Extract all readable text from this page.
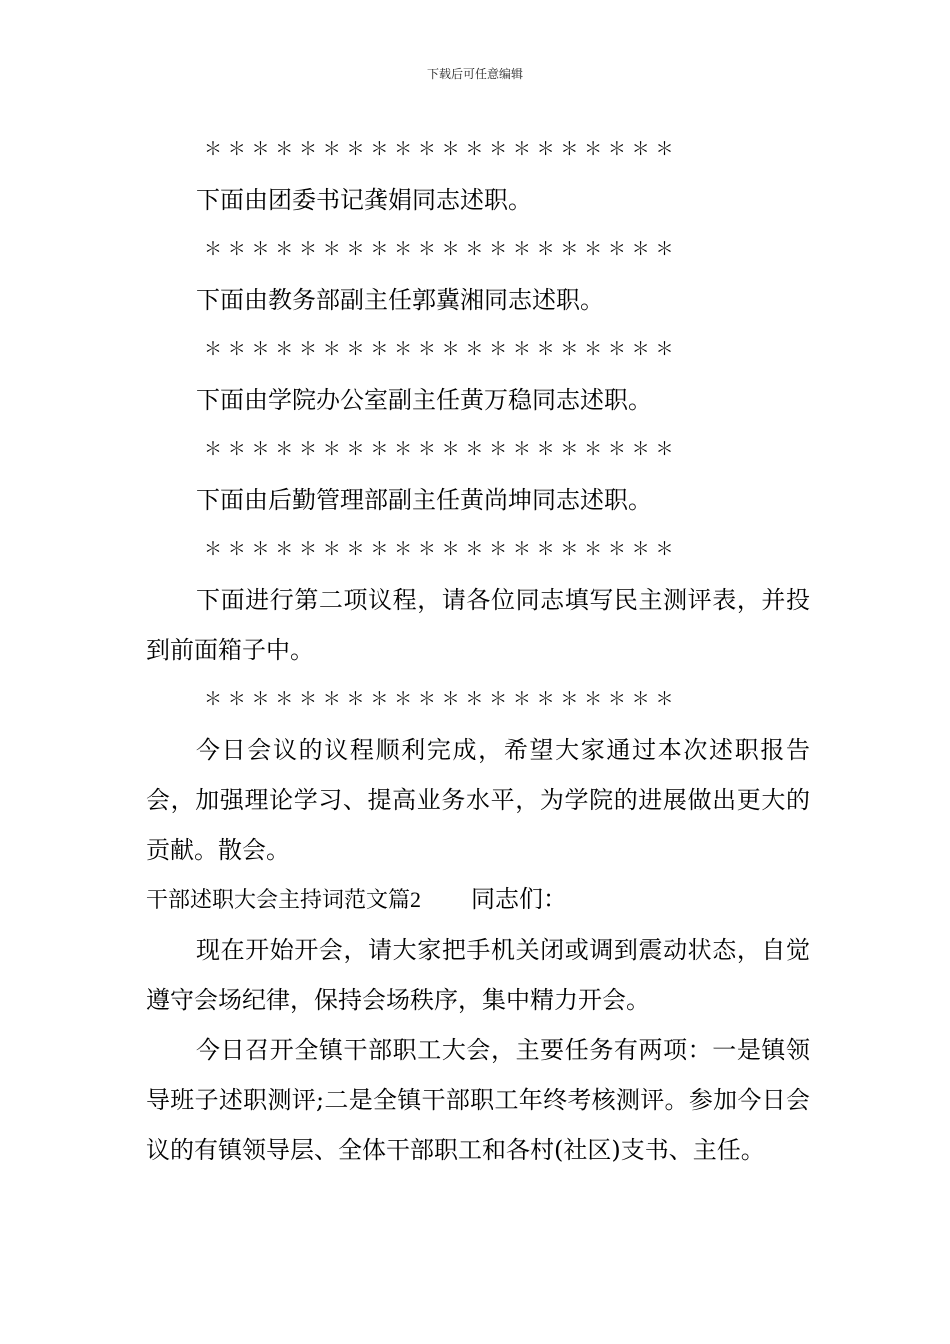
下载后可任意编辑
＊＊＊＊＊＊＊＊＊＊＊＊＊＊＊＊＊＊＊＊
下面由团委书记龚娟同志述职。
＊＊＊＊＊＊＊＊＊＊＊＊＊＊＊＊＊＊＊＊
下面由教务部副主任郭冀湘同志述职。
＊＊＊＊＊＊＊＊＊＊＊＊＊＊＊＊＊＊＊＊
下面由学院办公室副主任黄万稳同志述职。
＊＊＊＊＊＊＊＊＊＊＊＊＊＊＊＊＊＊＊＊
下面由后勤管理部副主任黄尚坤同志述职。
＊＊＊＊＊＊＊＊＊＊＊＊＊＊＊＊＊＊＊＊
下面进行第二项议程，请各位同志填写民主测评表，并投到前面箱子中。
＊＊＊＊＊＊＊＊＊＊＊＊＊＊＊＊＊＊＊＊
今日会议的议程顺利完成，希望大家通过本次述职报告会，加强理论学习、提高业务水平，为学院的进展做出更大的贡献。散会。
干部述职大会主持词范文篇2 同志们：
现在开始开会，请大家把手机关闭或调到震动状态，自觉遵守会场纪律，保持会场秩序，集中精力开会。
今日召开全镇干部职工大会，主要任务有两项：一是镇领导班子述职测评;二是全镇干部职工年终考核测评。参加今日会议的有镇领导层、全体干部职工和各村(社区)支书、主任。
